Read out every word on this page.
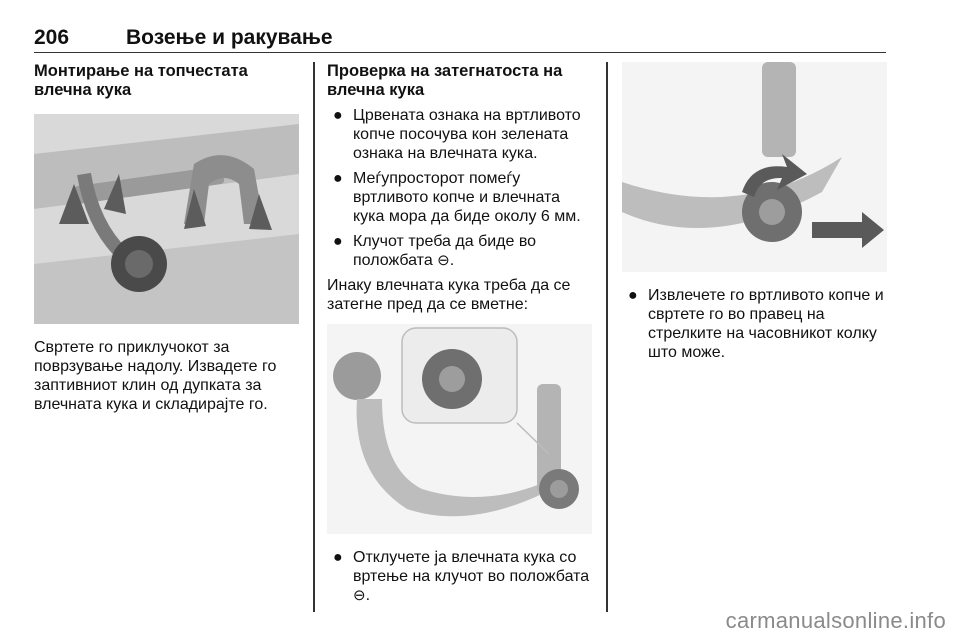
206	Возење и ракување
Монтирање на топчестата влечна кука

Свртете го приклучокот за поврзување надолу. Извадете го заптивниот клин од дупката за влечната кука и складирајте го.

Проверка на затегнатоста на влечна кука
● Црвената ознака на вртливото копче посочува кон зелената ознака на влечната кука.
● Меѓупросторот помеѓу вртливото копче и влечната кука мора да биде околу 6 мм.
● Клучот треба да биде во положбата ⊖.

Инаку влечната кука треба да се затегне пред да се вметне:

● Отклучете ја влечната кука со вртење на клучот во положбата ⊖.
● Извлечете го вртливото копче и свртете го во правец на стрелките на часовникот колку што може.
carmanualsonline.info
